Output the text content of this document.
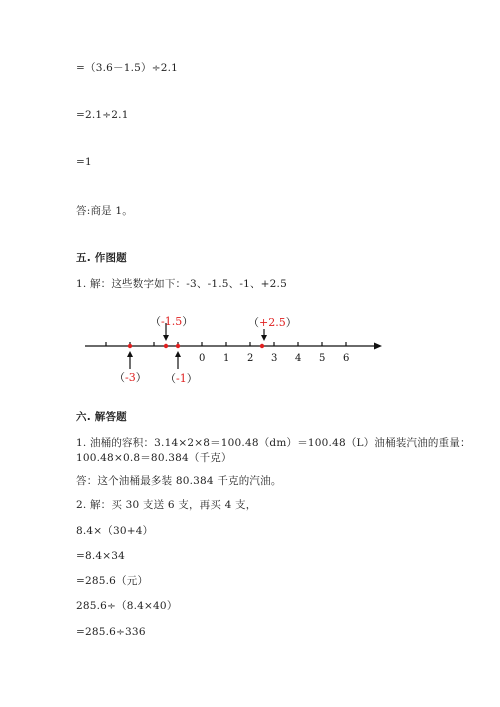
=（3.6－1.5）÷2.1
=2.1÷2.1
=1
答:商是 1。
五. 作图题
1. 解：这些数字如下：-3、-1.5、-1、+2.5
0 1 2 3 4 5 6
（-1.5）	（+2.5）
（-3） （-1）
六. 解答题
1. 油桶的容积：3.14×2×8＝100.48（dm）＝100.48（L）油桶装汽油的重量：
100.48×0.8＝80.384（千克）
答：这个油桶最多装 80.384 千克的汽油。
2. 解：买 30 支送 6 支，再买 4 支，
8.4×（30+4）
=8.4×34
=285.6（元）
285.6÷（8.4×40）
=285.6÷336
